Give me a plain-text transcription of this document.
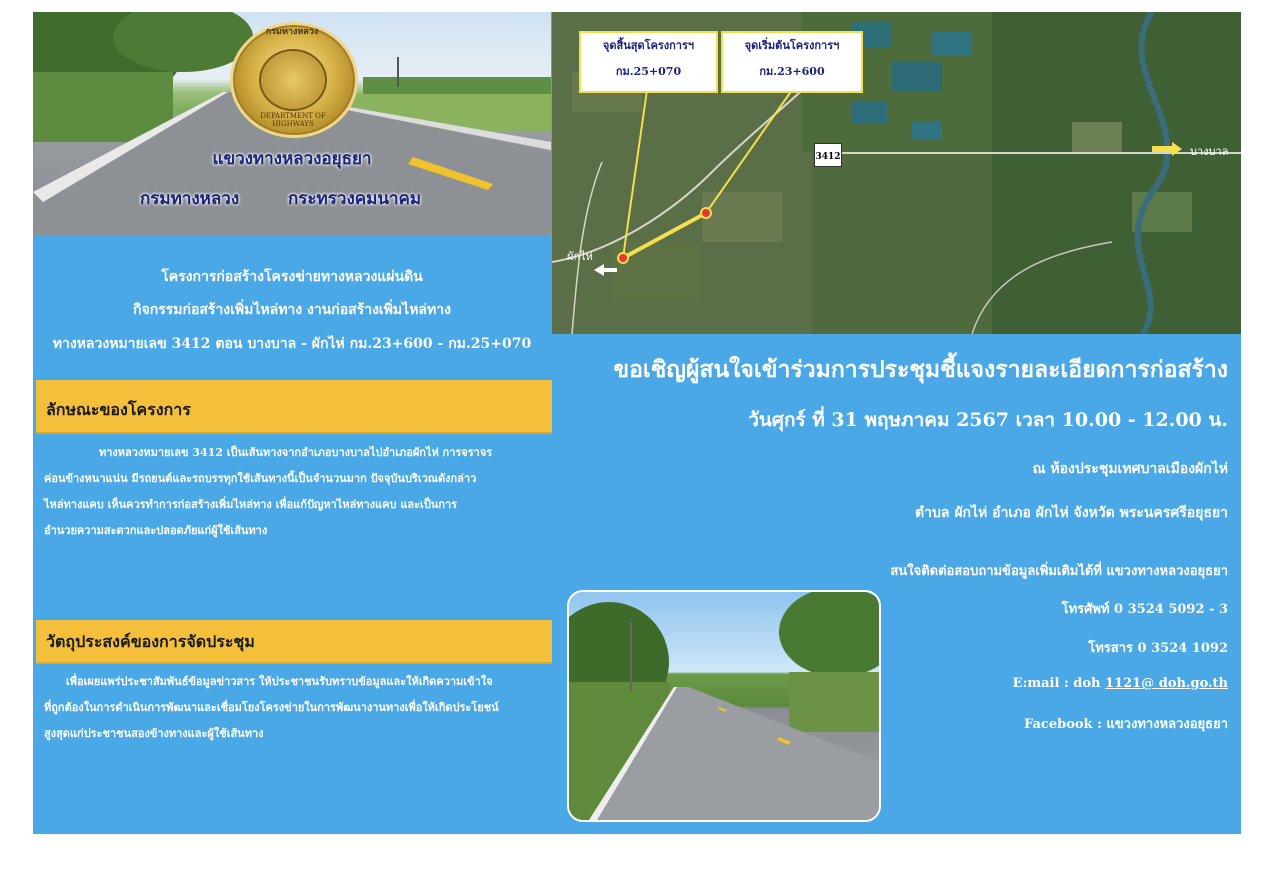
กรมทางหลวง
DEPARTMENT OF HIGHWAYS
แขวงทางหลวงอยุธยา
กรมทางหลวง	กระทรวงคมนาคม
โครงการก่อสร้างโครงข่ายทางหลวงแผ่นดิน
กิจกรรมก่อสร้างเพิ่มไหล่ทาง งานก่อสร้างเพิ่มไหล่ทาง
ทางหลวงหมายเลข 3412 ตอน บางบาล - ผักไห่ กม.23+600 - กม.25+070
ลักษณะของโครงการ
ทางหลวงหมายเลข 3412 เป็นเส้นทางจากอำเภอบางบาลไปอำเภอผักไห่ การจราจร
ค่อนข้างหนาแน่น มีรถยนต์และรถบรรทุกใช้เส้นทางนี้เป็นจำนวนมาก ปัจจุบันบริเวณดังกล่าว
ไหล่ทางแคบ เห็นควรทำการก่อสร้างเพิ่มไหล่ทาง เพื่อแก้ปัญหาไหล่ทางแคบ และเป็นการ
อำนวยความสะดวกและปลอดภัยแก่ผู้ใช้เส้นทาง
วัตถุประสงค์ของการจัดประชุม
เพื่อเผยแพร่ประชาสัมพันธ์ข้อมูลข่าวสาร ให้ประชาชนรับทราบข้อมูลและให้เกิดความเข้าใจ
ที่ถูกต้องในการดำเนินการพัฒนาและเชื่อมโยงโครงข่ายในการพัฒนางานทางเพื่อให้เกิดประโยชน์
สูงสุดแก่ประชาชนสองข้างทางและผู้ใช้เส้นทาง
จุดสิ้นสุดโครงการฯ
กม.25+070
จุดเริ่มต้นโครงการฯ
กม.23+600
3412	บางบาล
ผักไห่
ขอเชิญผู้สนใจเข้าร่วมการประชุมชี้แจงรายละเอียดการก่อสร้าง
วันศุกร์ ที่ 31 พฤษภาคม 2567 เวลา 10.00 - 12.00 น.
ณ ห้องประชุมเทศบาลเมืองผักไห่
ตำบล ผักไห่ อำเภอ ผักไห่ จังหวัด พระนครศรีอยุธยา
สนใจติดต่อสอบถามข้อมูลเพิ่มเติมได้ที่ แขวงทางหลวงอยุธยา
โทรศัพท์ 0 3524 5092 - 3
โทรสาร 0 3524 1092
E:mail : doh 1121@ doh.go.th
Facebook : แขวงทางหลวงอยุธยา
